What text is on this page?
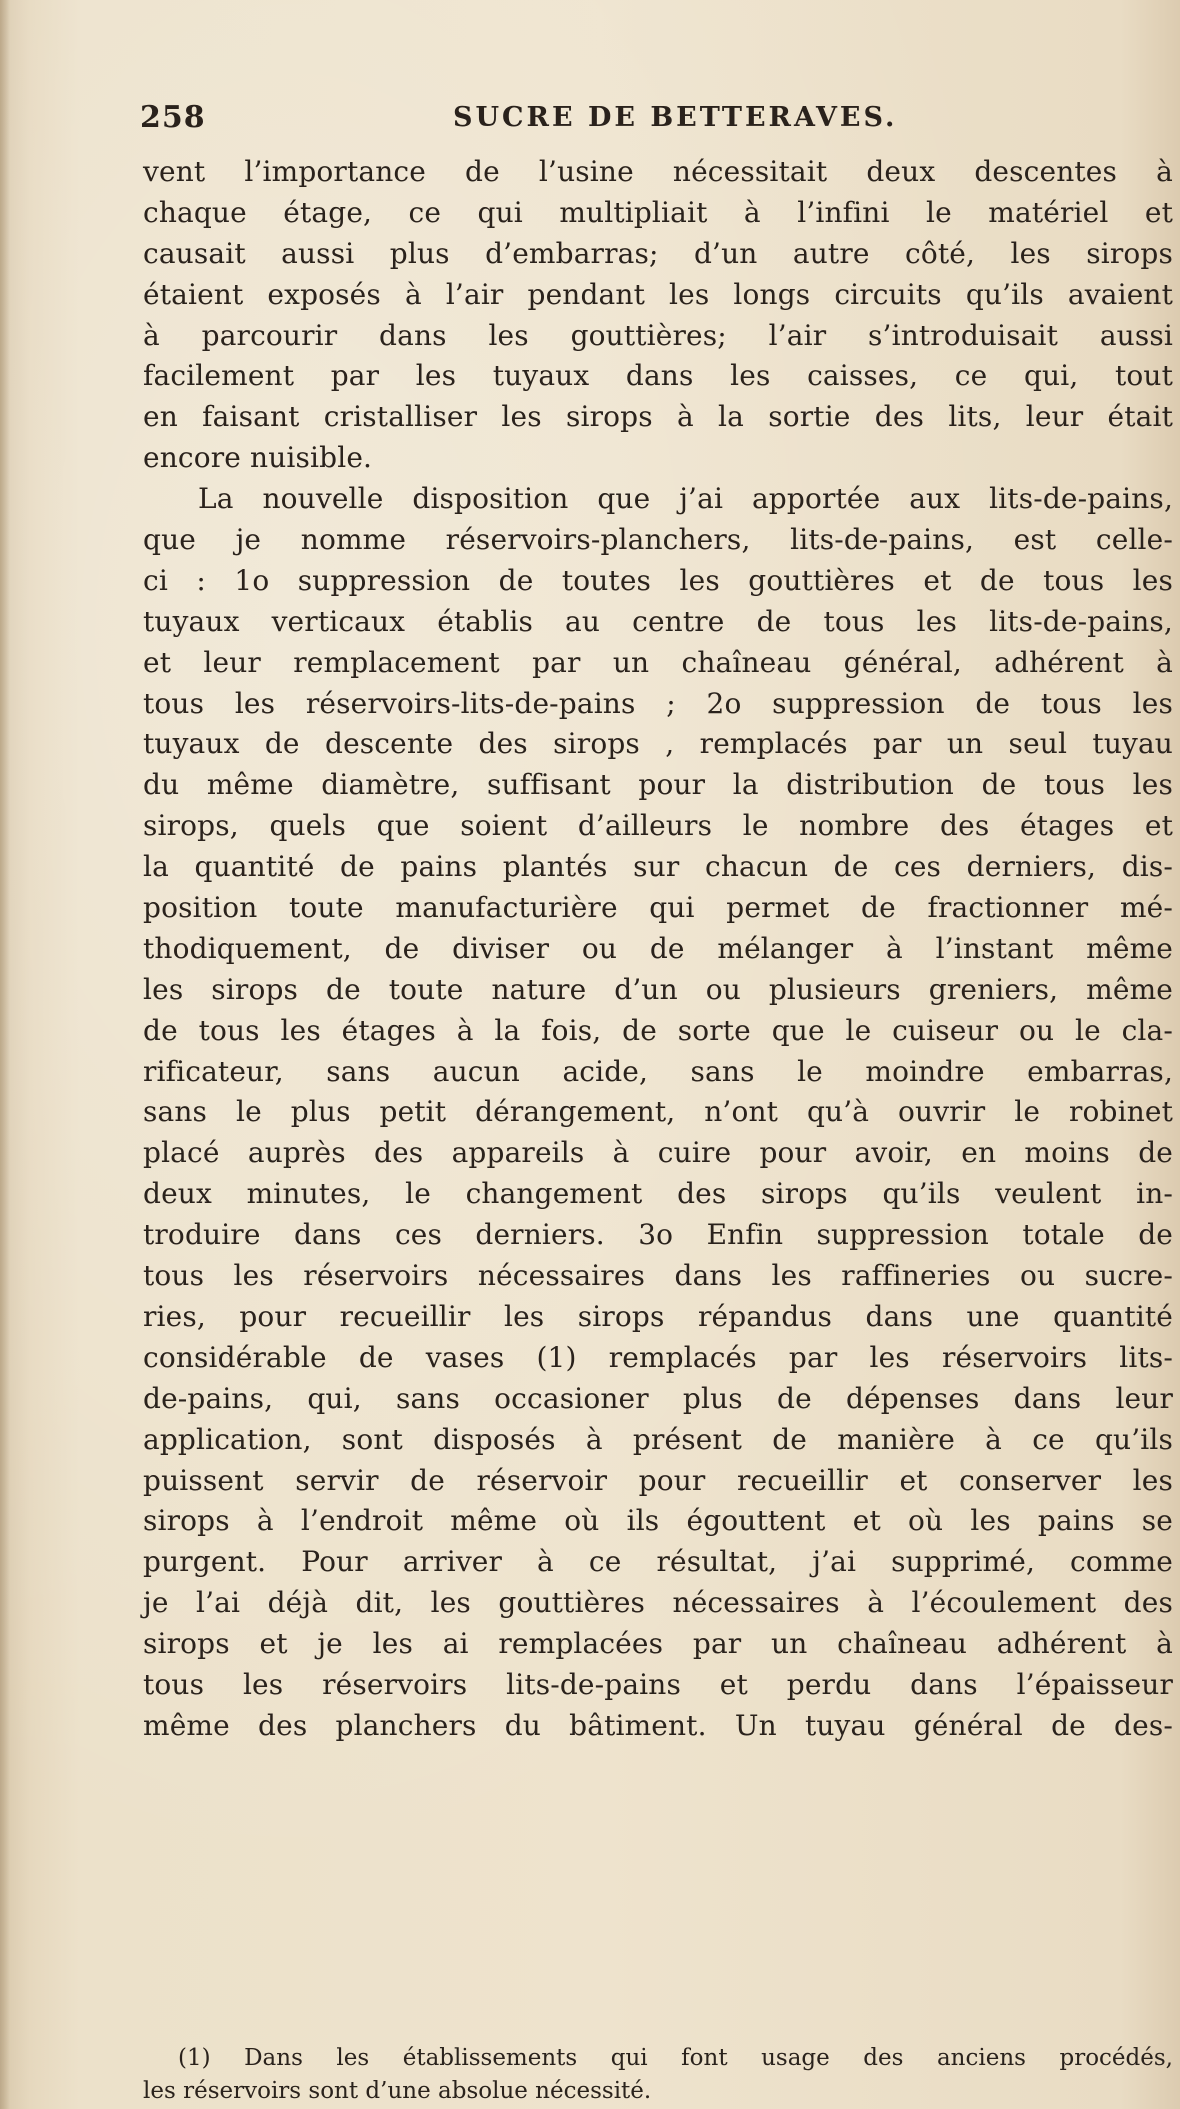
258	SUCRE DE BETTERAVES.
vent l’importance de l’usine nécessitait deux descentes à
chaque étage, ce qui multipliait à l’infini le matériel et
causait aussi plus d’embarras; d’un autre côté, les sirops
étaient exposés à l’air pendant les longs circuits qu’ils avaient
à parcourir dans les gouttières; l’air s’introduisait aussi
facilement par les tuyaux dans les caisses, ce qui, tout
en faisant cristalliser les sirops à la sortie des lits, leur était
encore nuisible.
La nouvelle disposition que j’ai apportée aux lits-de-pains,
que je nomme réservoirs-planchers, lits-de-pains, est celle-
ci : 1o suppression de toutes les gouttières et de tous les
tuyaux verticaux établis au centre de tous les lits-de-pains,
et leur remplacement par un chaîneau général, adhérent à
tous les réservoirs-lits-de-pains ; 2o suppression de tous les
tuyaux de descente des sirops , remplacés par un seul tuyau
du même diamètre, suffisant pour la distribution de tous les
sirops, quels que soient d’ailleurs le nombre des étages et
la quantité de pains plantés sur chacun de ces derniers, dis-
position toute manufacturière qui permet de fractionner mé-
thodiquement, de diviser ou de mélanger à l’instant même
les sirops de toute nature d’un ou plusieurs greniers, même
de tous les étages à la fois, de sorte que le cuiseur ou le cla-
rificateur, sans aucun acide, sans le moindre embarras,
sans le plus petit dérangement, n’ont qu’à ouvrir le robinet
placé auprès des appareils à cuire pour avoir, en moins de
deux minutes, le changement des sirops qu’ils veulent in-
troduire dans ces derniers. 3o Enfin suppression totale de
tous les réservoirs nécessaires dans les raffineries ou sucre-
ries, pour recueillir les sirops répandus dans une quantité
considérable de vases (1) remplacés par les réservoirs lits-
de-pains, qui, sans occasioner plus de dépenses dans leur
application, sont disposés à présent de manière à ce qu’ils
puissent servir de réservoir pour recueillir et conserver les
sirops à l’endroit même où ils égouttent et où les pains se
purgent. Pour arriver à ce résultat, j’ai supprimé, comme
je l’ai déjà dit, les gouttières nécessaires à l’écoulement des
sirops et je les ai remplacées par un chaîneau adhérent à
tous les réservoirs lits-de-pains et perdu dans l’épaisseur
même des planchers du bâtiment. Un tuyau général de des-
(1) Dans les établissements qui font usage des anciens procédés,
les réservoirs sont d’une absolue nécessité.
